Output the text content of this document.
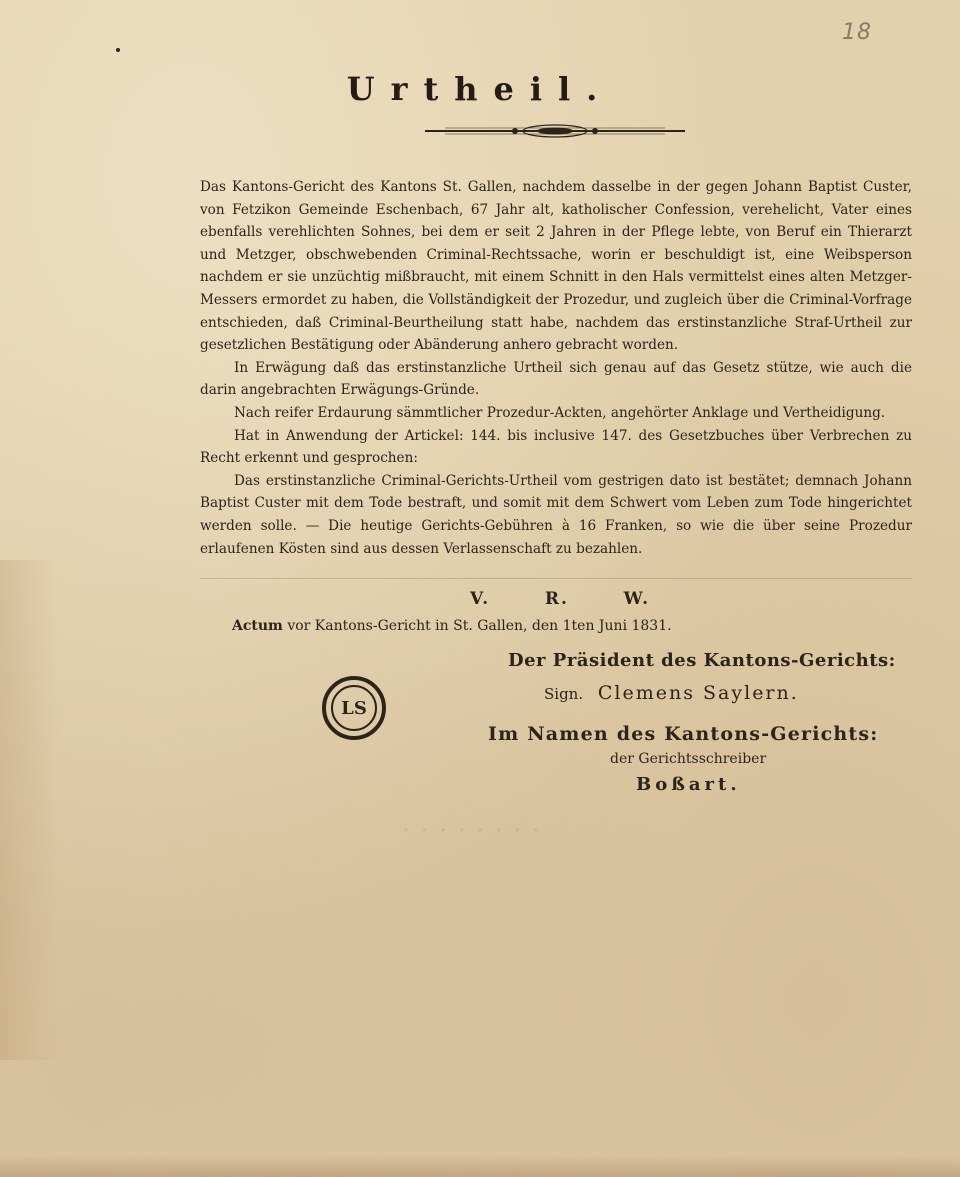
· · · · · · · ·
18
Urtheil.

Das Kantons-Gericht des Kantons St. Gallen, nachdem dasselbe in der gegen Johann Baptist Custer, von Fetzikon Gemeinde Eschenbach, 67 Jahr alt, katholischer Confession, verehelicht, Vater eines ebenfalls verehlichten Sohnes, bei dem er seit 2 Jahren in der Pflege lebte, von Beruf ein Thierarzt und Metzger, obschwebenden Criminal-Rechtssache, worin er beschuldigt ist, eine Weibsperson nachdem er sie unzüchtig mißbraucht, mit einem Schnitt in den Hals vermittelst eines alten Metzger-Messers ermordet zu haben, die Vollständigkeit der Prozedur, und zugleich über die Criminal-Vorfrage entschieden, daß Criminal-Beurtheilung statt habe, nachdem das erstinstanzliche Straf-Urtheil zur gesetzlichen Bestätigung oder Abänderung anhero gebracht worden.

In Erwägung daß das erstinstanzliche Urtheil sich genau auf das Gesetz stütze, wie auch die darin angebrachten Erwägungs-Gründe.

Nach reifer Erdaurung sämmtlicher Prozedur-Ackten, angehörter Anklage und Vertheidigung.

Hat in Anwendung der Artickel: 144. bis inclusive 147. des Gesetzbuches über Verbrechen zu Recht erkennt und gesprochen:

Das erstinstanzliche Criminal-Gerichts-Urtheil vom gestrigen dato ist bestätet; demnach Johann Baptist Custer mit dem Tode bestraft, und somit mit dem Schwert vom Leben zum Tode hingerichtet werden solle. — Die heutige Gerichts-Gebühren à 16 Franken, so wie die über seine Prozedur erlaufenen Kösten sind aus dessen Verlassenschaft zu bezahlen.

V.	R.	W.
Actum vor Kantons-Gericht in St. Gallen, den 1ten Juni 1831.
Der Präsident des Kantons-Gerichts:
Sign. Clemens Saylern.
LS
Im Namen des Kantons-Gerichts:
der Gerichtsschreiber
Boßart.
